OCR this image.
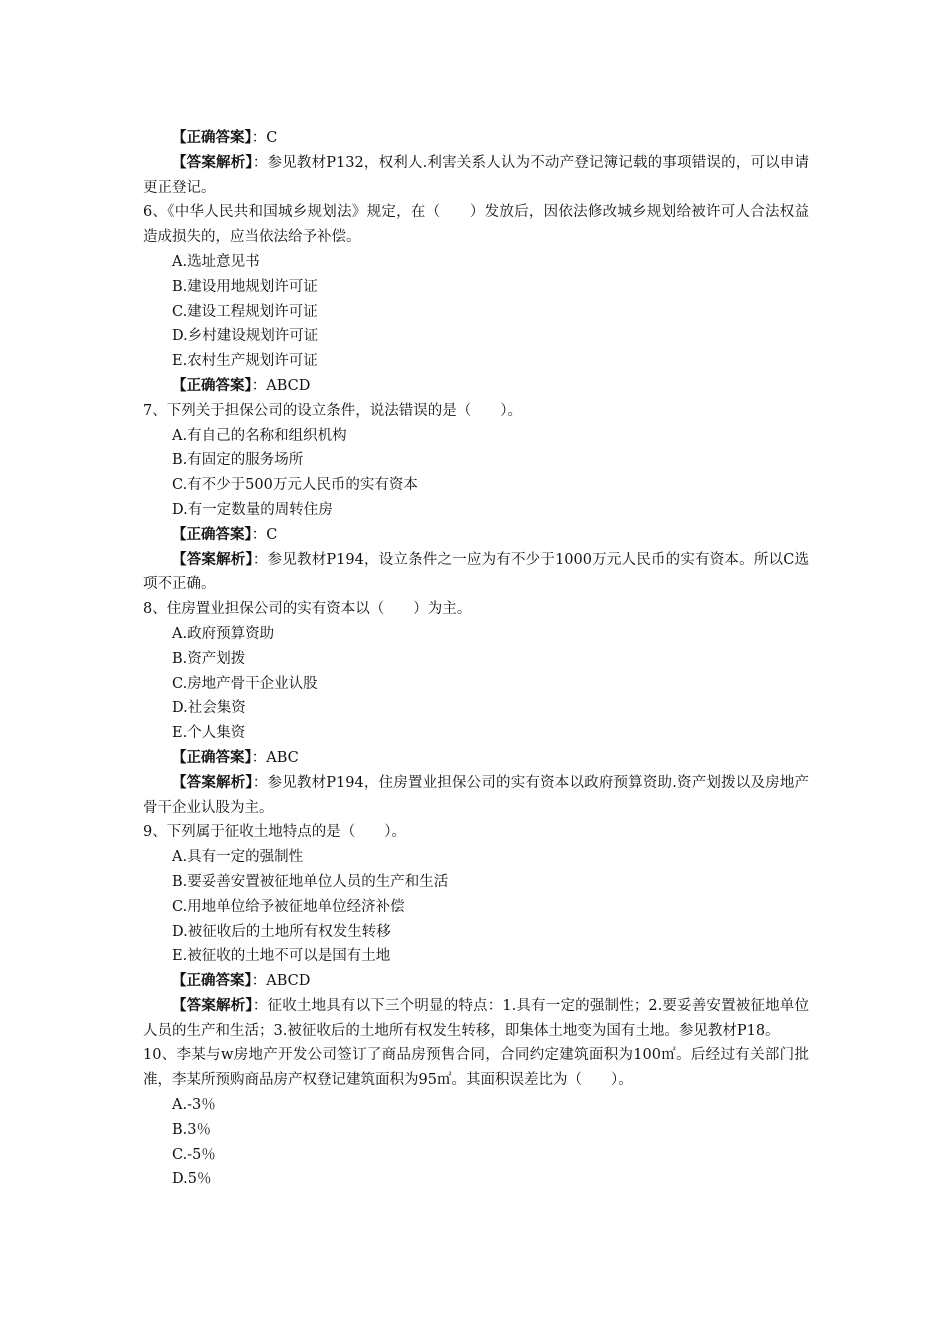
【正确答案】：C
【答案解析】：参见教材P132，权利人.利害关系人认为不动产登记簿记载的事项错误的，可以申请更正登记。
6、《中华人民共和国城乡规划法》规定，在（　　）发放后，因依法修改城乡规划给被许可人合法权益造成损失的，应当依法给予补偿。
A.选址意见书
B.建设用地规划许可证
C.建设工程规划许可证
D.乡村建设规划许可证
E.农村生产规划许可证
【正确答案】：ABCD
7、下列关于担保公司的设立条件，说法错误的是（　　）。
A.有自己的名称和组织机构
B.有固定的服务场所
C.有不少于500万元人民币的实有资本
D.有一定数量的周转住房
【正确答案】：C
【答案解析】：参见教材P194，设立条件之一应为有不少于1000万元人民币的实有资本。所以C选项不正确。
8、住房置业担保公司的实有资本以（　　）为主。
A.政府预算资助
B.资产划拨
C.房地产骨干企业认股
D.社会集资
E.个人集资
【正确答案】：ABC
【答案解析】：参见教材P194，住房置业担保公司的实有资本以政府预算资助.资产划拨以及房地产骨干企业认股为主。
9、下列属于征收土地特点的是（　　）。
A.具有一定的强制性
B.要妥善安置被征地单位人员的生产和生活
C.用地单位给予被征地单位经济补偿
D.被征收后的土地所有权发生转移
E.被征收的土地不可以是国有土地
【正确答案】：ABCD
【答案解析】：征收土地具有以下三个明显的特点：1.具有一定的强制性；2.要妥善安置被征地单位人员的生产和生活；3.被征收后的土地所有权发生转移，即集体土地变为国有土地。参见教材P18。
10、李某与w房地产开发公司签订了商品房预售合同，合同约定建筑面积为100㎡。后经过有关部门批准，李某所预购商品房产权登记建筑面积为95㎡。其面积误差比为（　　）。
A.-3％
B.3％
C.-5％
D.5％
